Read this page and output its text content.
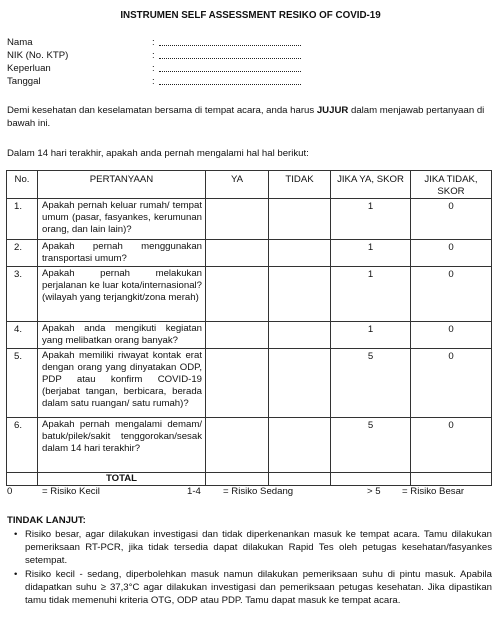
INSTRUMEN SELF ASSESSMENT RESIKO OF COVID-19
Nama	:
NIK (No. KTP)	:
Keperluan	:
Tanggal	:
Demi kesehatan dan keselamatan bersama di tempat acara, anda harus JUJUR dalam menjawab pertanyaan di bawah ini.
Dalam 14 hari terakhir, apakah anda pernah mengalami hal hal berikut:
No.	PERTANYAAN	YA	TIDAK	JIKA YA, SKOR	JIKA TIDAK, SKOR
1.	Apakah pernah keluar rumah/ tempat umum (pasar, fasyankes, kerumunan orang, dan lain lain)?			1	0
2.	Apakah pernah menggunakan transportasi umum?			1	0
3.	Apakah pernah melakukan perjalanan ke luar kota/internasional? (wilayah yang terjangkit/zona merah)			1	0
4.	Apakah anda mengikuti kegiatan yang melibatkan orang banyak?			1	0
5.	Apakah memiliki riwayat kontak erat dengan orang yang dinyatakan ODP, PDP atau konfirm COVID-19 (berjabat tangan, berbicara, berada dalam satu ruangan/ satu rumah)?			5	0
6.	Apakah pernah mengalami demam/ batuk/pilek/sakit tenggorokan/sesak dalam 14 hari terakhir?			5	0
	TOTAL				
0	= Risiko Kecil	1-4 = Risiko Sedang	> 5 = Risiko Besar
TINDAK LANJUT:
• Risiko besar, agar dilakukan investigasi dan tidak diperkenankan masuk ke tempat acara. Tamu dilakukan pemeriksaan RT-PCR, jika tidak tersedia dapat dilakukan Rapid Tes oleh petugas kesehatan/fasyankes setempat.
• Risiko kecil - sedang, diperbolehkan masuk namun dilakukan pemeriksaan suhu di pintu masuk. Apabila didapatkan suhu ≥ 37,3°C agar dilakukan investigasi dan pemeriksaan petugas kesehatan. Jika dipastikan tamu tidak memenuhi kriteria OTG, ODP atau PDP. Tamu dapat masuk ke tempat acara.
